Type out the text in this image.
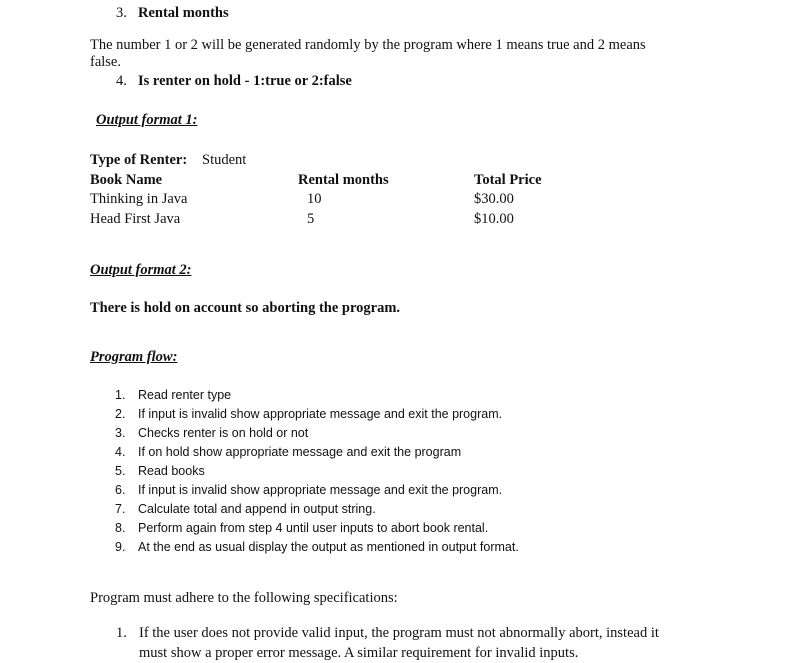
3. Rental months
The number 1 or 2 will be generated randomly by the program where 1 means true and 2 means
false.
4. Is renter on hold - 1:true or 2:false
Output format 1:
Type of Renter: Student
Book Name	Rental months	Total Price
Thinking in Java	10	$30.00
Head First Java	5	$10.00
Output format 2:
There is hold on account so aborting the program.
Program flow:
1. Read renter type
2. If input is invalid show appropriate message and exit the program.
3. Checks renter is on hold or not
4. If on hold show appropriate message and exit the program
5. Read books
6. If input is invalid show appropriate message and exit the program.
7. Calculate total and append in output string.
8. Perform again from step 4 until user inputs to abort book rental.
9. At the end as usual display the output as mentioned in output format.
Program must adhere to the following specifications:
1. If the user does not provide valid input, the program must not abnormally abort, instead it
must show a proper error message. A similar requirement for invalid inputs.
